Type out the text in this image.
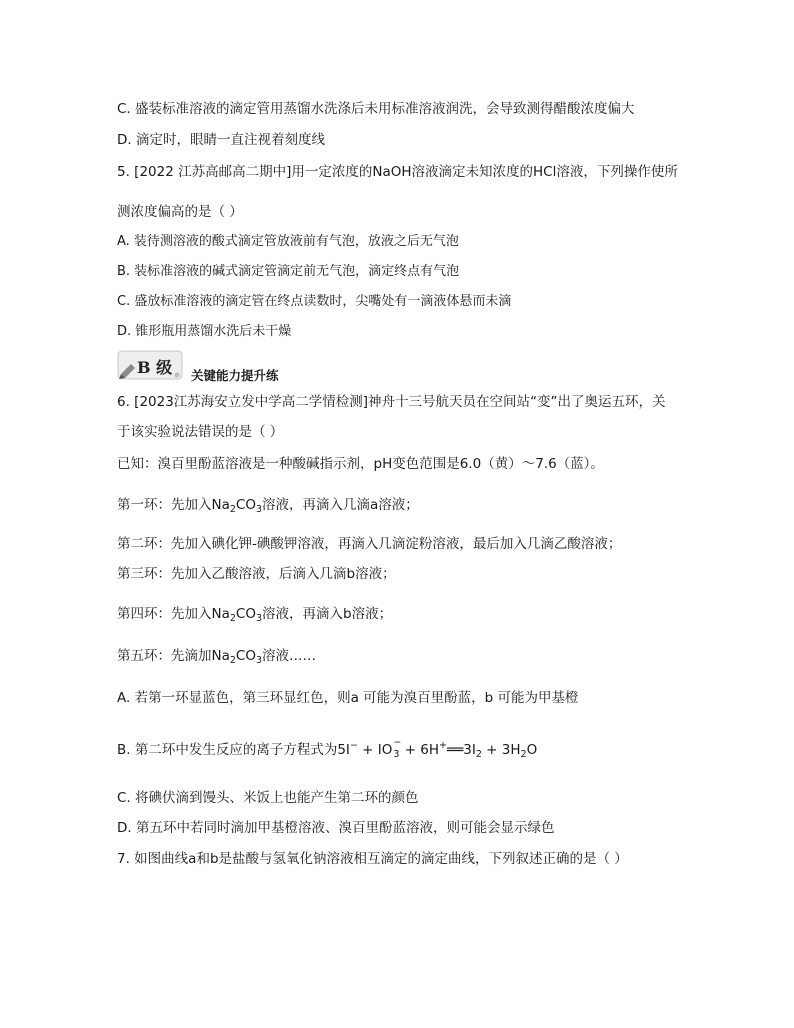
C. 盛装标准溶液的滴定管用蒸馏水洗涤后未用标准溶液润洗，会导致测得醋酸浓度偏大
D. 滴定时，眼睛一直注视着刻度线
5. [2022 江苏高邮高二期中]用一定浓度的NaOH溶液滴定未知浓度的HCl溶液，下列操作使所
测浓度偏高的是（ ）
A. 装待测溶液的酸式滴定管放液前有气泡，放液之后无气泡
B. 装标准溶液的碱式滴定管滴定前无气泡，滴定终点有气泡
C. 盛放标准溶液的滴定管在终点读数时，尖嘴处有一滴液体悬而未滴
D. 锥形瓶用蒸馏水洗后未干燥
B 级 关键能力提升练
6. [2023江苏海安立发中学高二学情检测]神舟十三号航天员在空间站“变”出了奥运五环，关
于该实验说法错误的是（ ）
已知：溴百里酚蓝溶液是一种酸碱指示剂，pH变色范围是6.0（黄）～7.6（蓝）。
第一环：先加入$Na_2CO_3$溶液，再滴入几滴a溶液；
第二环：先加入碘化钾-碘酸钾溶液，再滴入几滴淀粉溶液，最后加入几滴乙酸溶液；
第三环：先加入乙酸溶液，后滴入几滴b溶液；
第四环：先加入$Na_2CO_3$溶液，再滴入b溶液；
第五环：先滴加$Na_2CO_3$溶液……
A. 若第一环显蓝色，第三环显红色，则a 可能为溴百里酚蓝，b 可能为甲基橙
B. 第二环中发生反应的离子方程式为5I− + IO −
$3 + 6H^+══3I_2 + 3H_2O$
C. 将碘伏滴到馒头、米饭上也能产生第二环的颜色
D. 第五环中若同时滴加甲基橙溶液、溴百里酚蓝溶液，则可能会显示绿色
7. 如图曲线a和b是盐酸与氢氧化钠溶液相互滴定的滴定曲线，下列叙述正确的是（ ）
